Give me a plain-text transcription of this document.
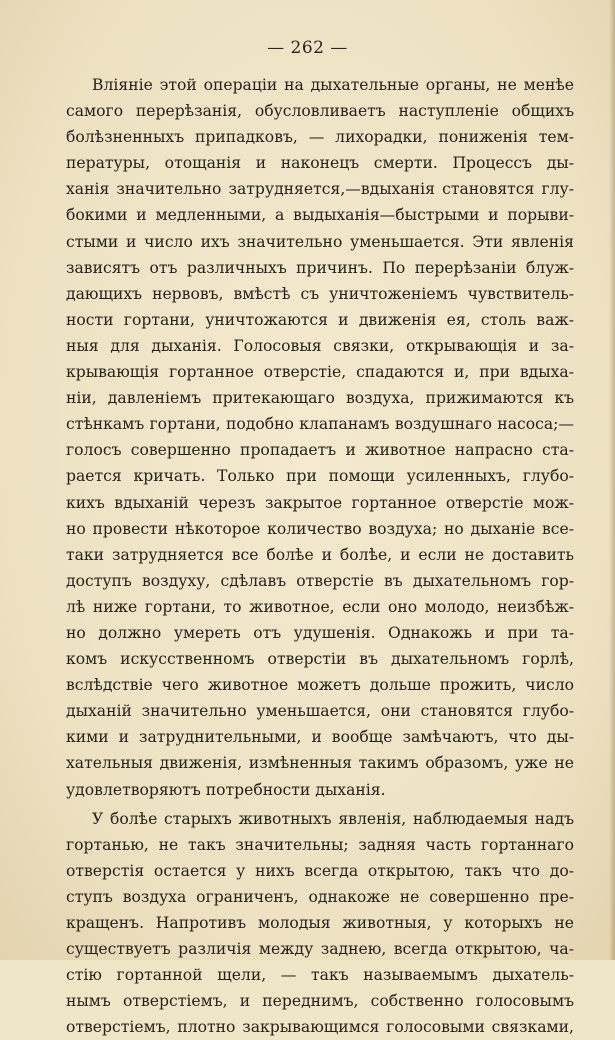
— 262 —
Вліяніе этой операціи на дыхательные органы, не менѣе
самого перерѣзанія, обусловливаетъ наступленіе общихъ
болѣзненныхъ припадковъ, — лихорадки, пониженія тем-
пературы, отощанія и наконецъ смерти. Процессъ ды-
ханія значительно затрудняется,—вдыханія становятся глу-
бокими и медленными, а выдыханія—быстрыми и порыви-
стыми и число ихъ значительно уменьшается. Эти явленія
зависятъ отъ различныхъ причинъ. По перерѣзаніи блуж-
дающихъ нервовъ, вмѣстѣ съ уничтоженіемъ чувствитель-
ности гортани, уничтожаются и движенія ея, столь важ-
ныя для дыханія. Голосовыя связки, открывающія и за-
крывающія гортанное отверстіе, спадаются и, при вдыха-
ніи, давленіемъ притекающаго воздуха, прижимаются къ
стѣнкамъ гортани, подобно клапанамъ воздушнаго насоса;—
голосъ совершенно пропадаетъ и животное напрасно ста-
рается кричать. Только при помощи усиленныхъ, глубо-
кихъ вдыханій черезъ закрытое гортанное отверстіе мож-
но провести нѣкоторое количество воздуха; но дыханіе все-
таки затрудняется все болѣе и болѣе, и если не доставить
доступъ воздуху, сдѣлавъ отверстіе въ дыхательномъ гор-
лѣ ниже гортани, то животное, если оно молодо, неизбѣж-
но должно умереть отъ удушенія. Однакожь и при та-
комъ искусственномъ отверстіи въ дыхательномъ горлѣ,
вслѣдствіе чего животное можетъ дольше прожить, число
дыханій значительно уменьшается, они становятся глубо-
кими и затруднительными, и вообще замѣчаютъ, что ды-
хательныя движенія, измѣненныя такимъ образомъ, уже не
удовлетворяютъ потребности дыханія.
У болѣе старыхъ животныхъ явленія, наблюдаемыя надъ
гортанью, не такъ значительны; задняя часть гортаннаго
отверстія остается у нихъ всегда открытою, такъ что до-
ступъ воздуха ограниченъ, однакоже не совершенно пре-
кращенъ. Напротивъ молодыя животныя, у которыхъ не
существуетъ различія между заднею, всегда открытою, ча-
стію гортанной щели, — такъ называемымъ дыхатель-
нымъ отверстіемъ, и переднимъ, собственно голосовымъ
отверстіемъ, плотно закрывающимся голосовыми связками,
